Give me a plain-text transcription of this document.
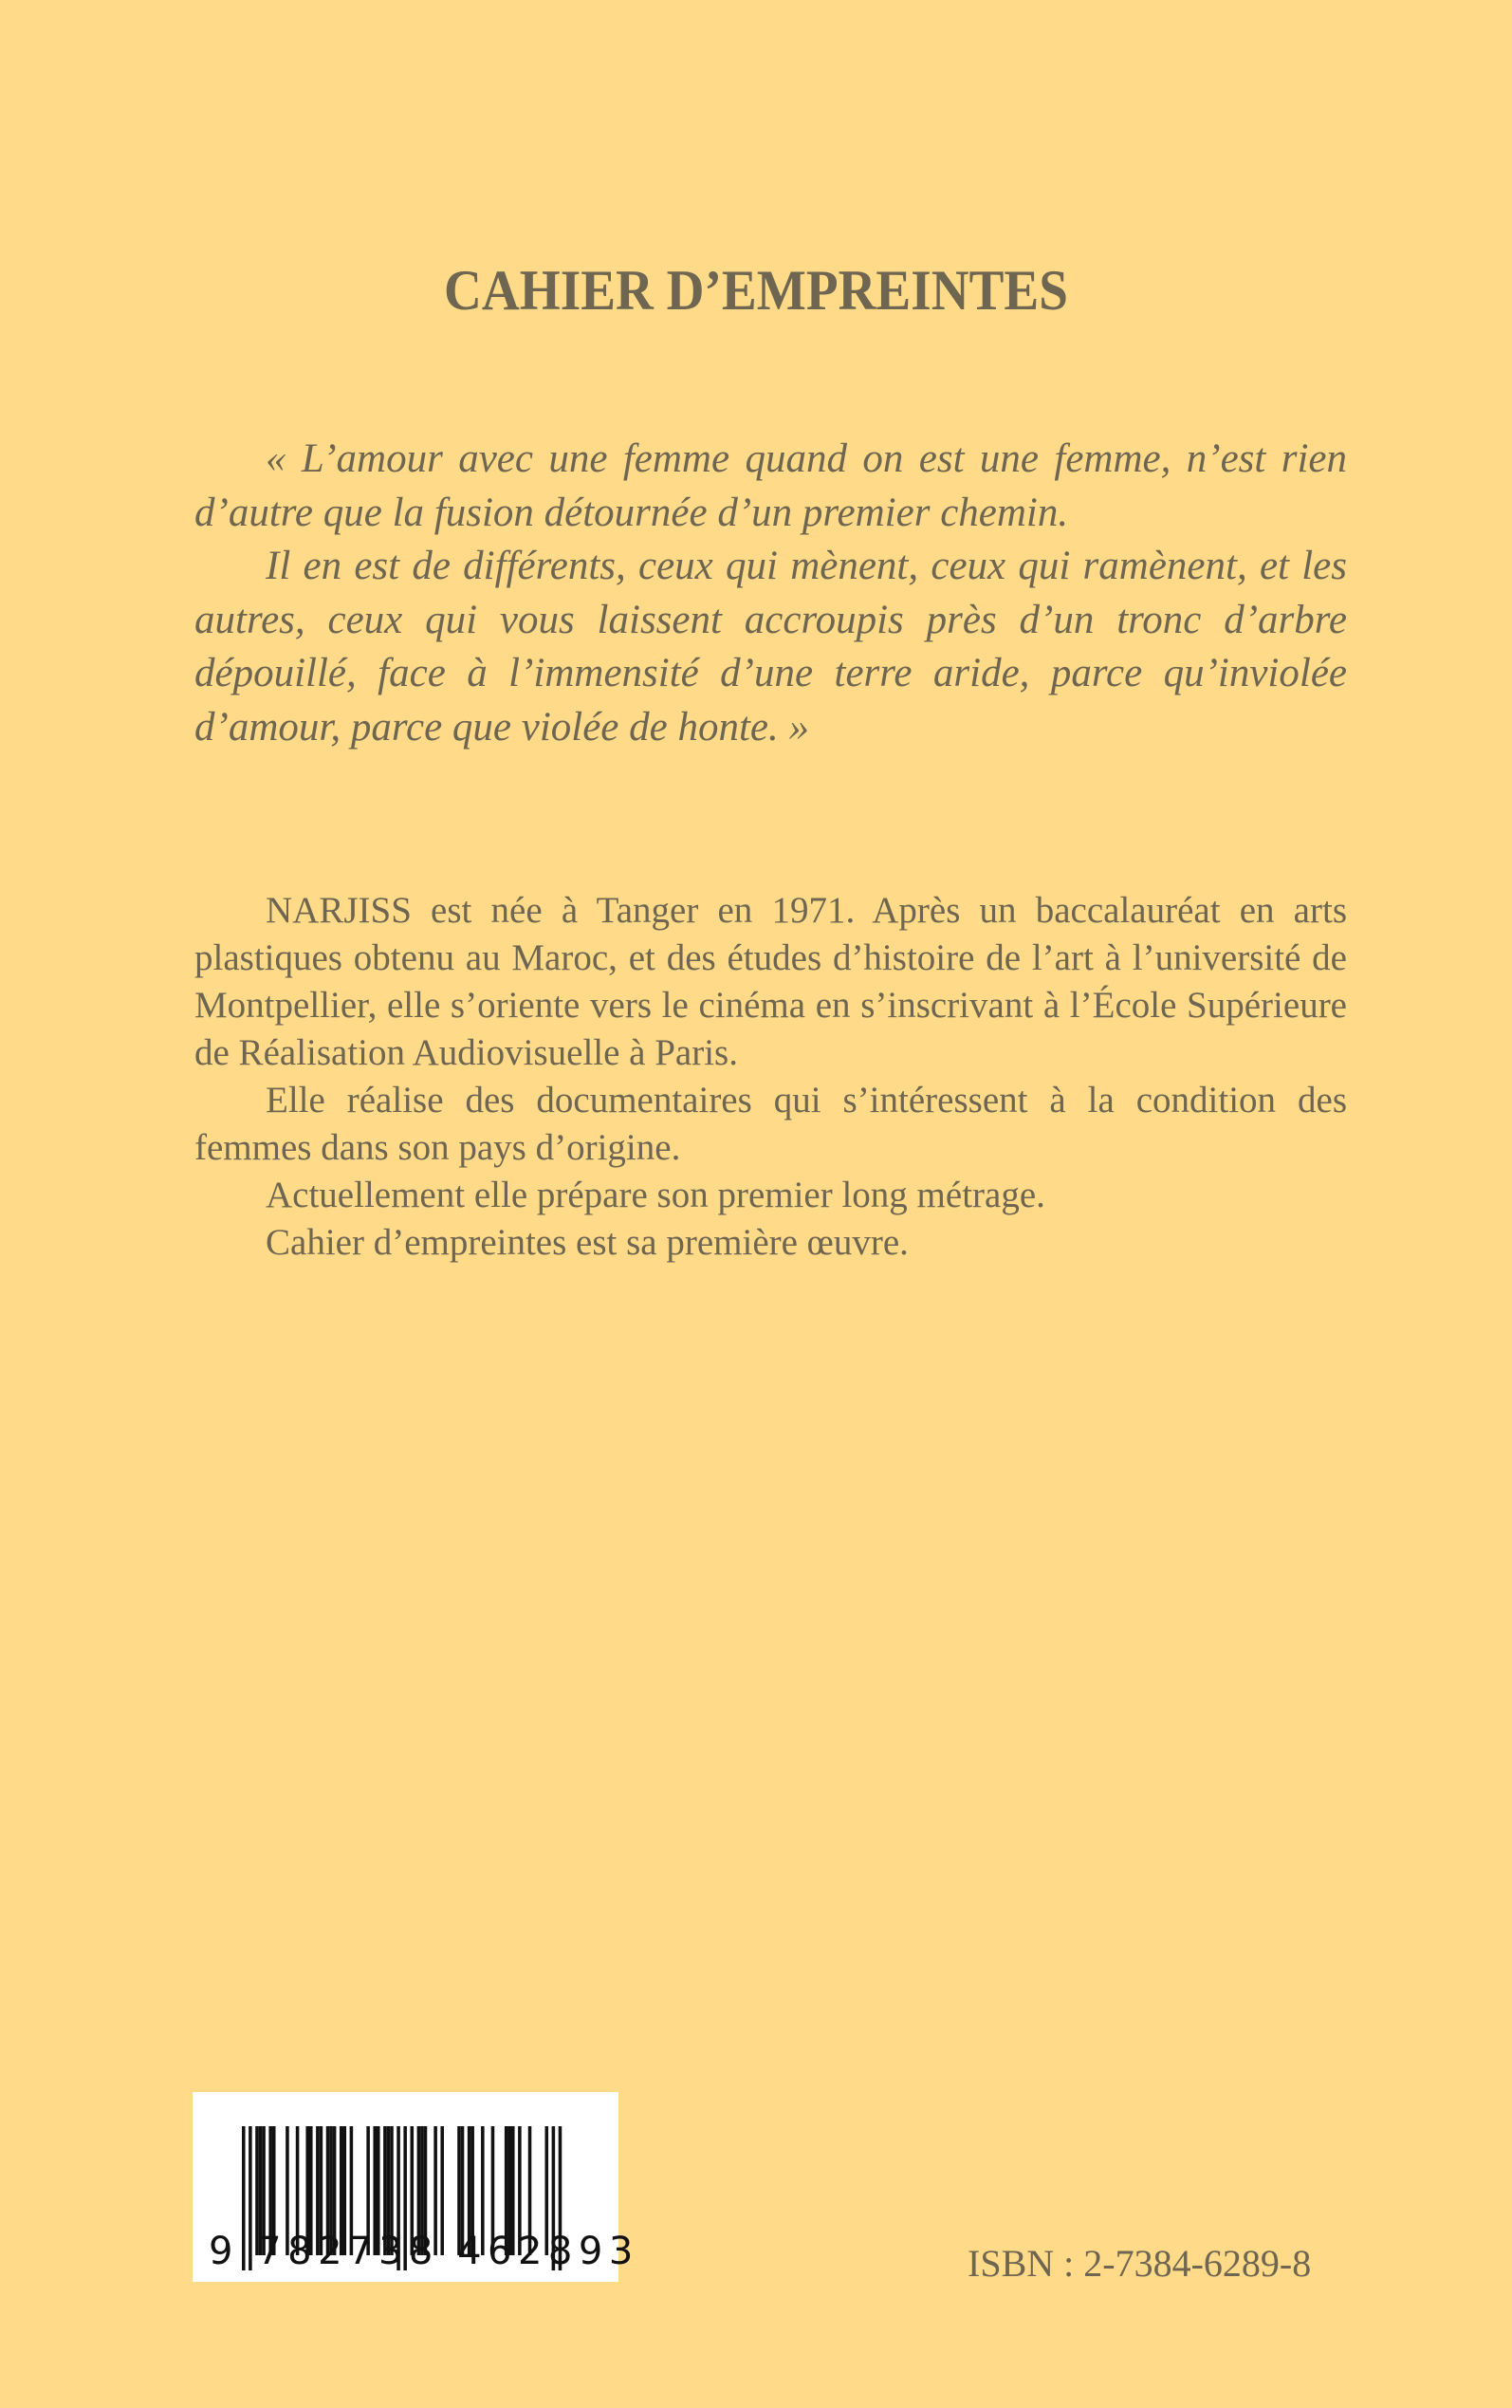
CAHIER D’EMPREINTES

« L’amour avec une femme quand on est une femme, n’est rien d’autre que la fusion détournée d’un premier chemin.

Il en est de différents, ceux qui mènent, ceux qui ramènent, et les autres, ceux qui vous laissent accroupis près d’un tronc d’arbre dépouillé, face à l’immensité d’une terre aride, parce qu’inviolée d’amour, parce que violée de honte. »

NARJISS est née à Tanger en 1971. Après un baccalauréat en arts plastiques obtenu au Maroc, et des études d’histoire de l’art à l’université de Montpellier, elle s’oriente vers le cinéma en s’inscrivant à l’École Supérieure de Réalisation Audiovisuelle à Paris.

Elle réalise des documentaires qui s’intéressent à la condition des femmes dans son pays d’origine.

Actuellement elle prépare son premier long métrage.

Cahier d’empreintes est sa première œuvre.

9 782738 462893	ISBN : 2-7384-6289-8
